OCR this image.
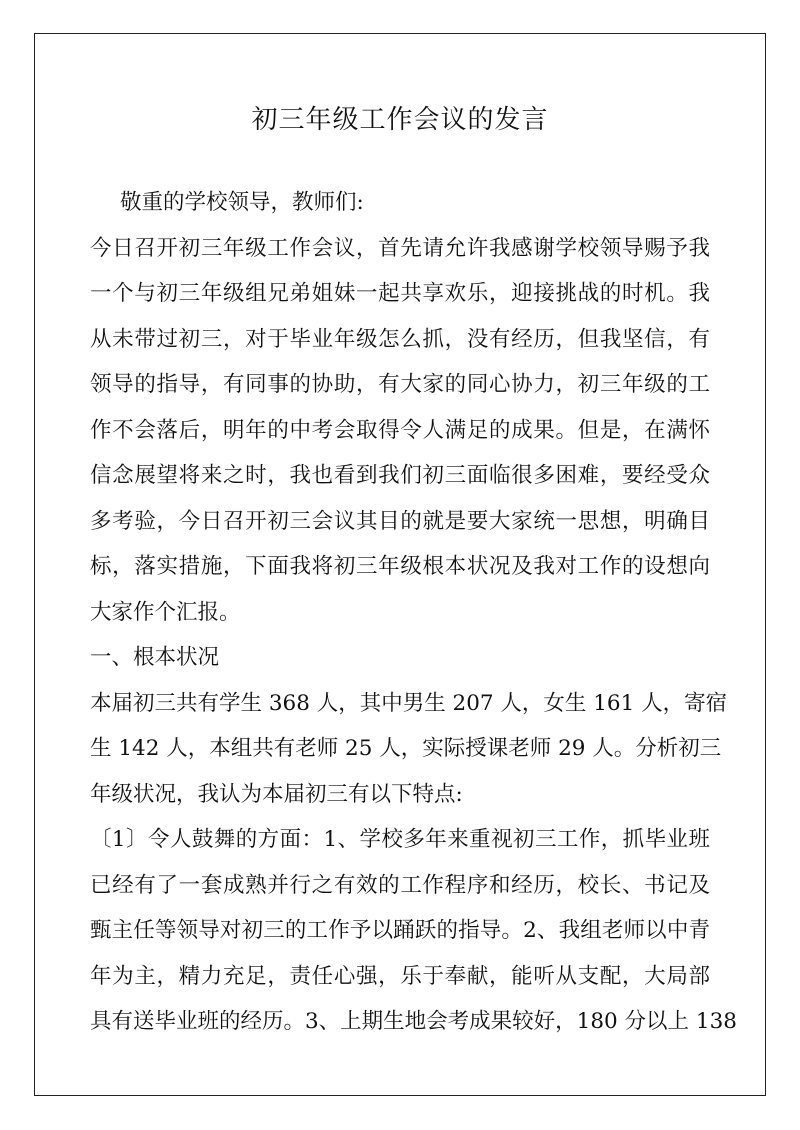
初三年级工作会议的发言
敬重的学校领导，教师们:
今日召开初三年级工作会议，首先请允许我感谢学校领导赐予我
一个与初三年级组兄弟姐妹一起共享欢乐，迎接挑战的时机。我
从未带过初三，对于毕业年级怎么抓，没有经历，但我坚信，有
领导的指导，有同事的协助，有大家的同心协力，初三年级的工
作不会落后，明年的中考会取得令人满足的成果。但是，在满怀
信念展望将来之时，我也看到我们初三面临很多困难，要经受众
多考验，今日召开初三会议其目的就是要大家统一思想，明确目
标，落实措施，下面我将初三年级根本状况及我对工作的设想向
大家作个汇报。
一、根本状况
本届初三共有学生 368 人，其中男生 207 人，女生 161 人，寄宿
生 142 人，本组共有老师 25 人，实际授课老师 29 人。分析初三
年级状况，我认为本届初三有以下特点:
〔1〕令人鼓舞的方面：1、学校多年来重视初三工作，抓毕业班
已经有了一套成熟并行之有效的工作程序和经历，校长、书记及
甄主任等领导对初三的工作予以踊跃的指导。2、我组老师以中青
年为主，精力充足，责任心强，乐于奉献，能听从支配，大局部
具有送毕业班的经历。3、上期生地会考成果较好，180 分以上 138
